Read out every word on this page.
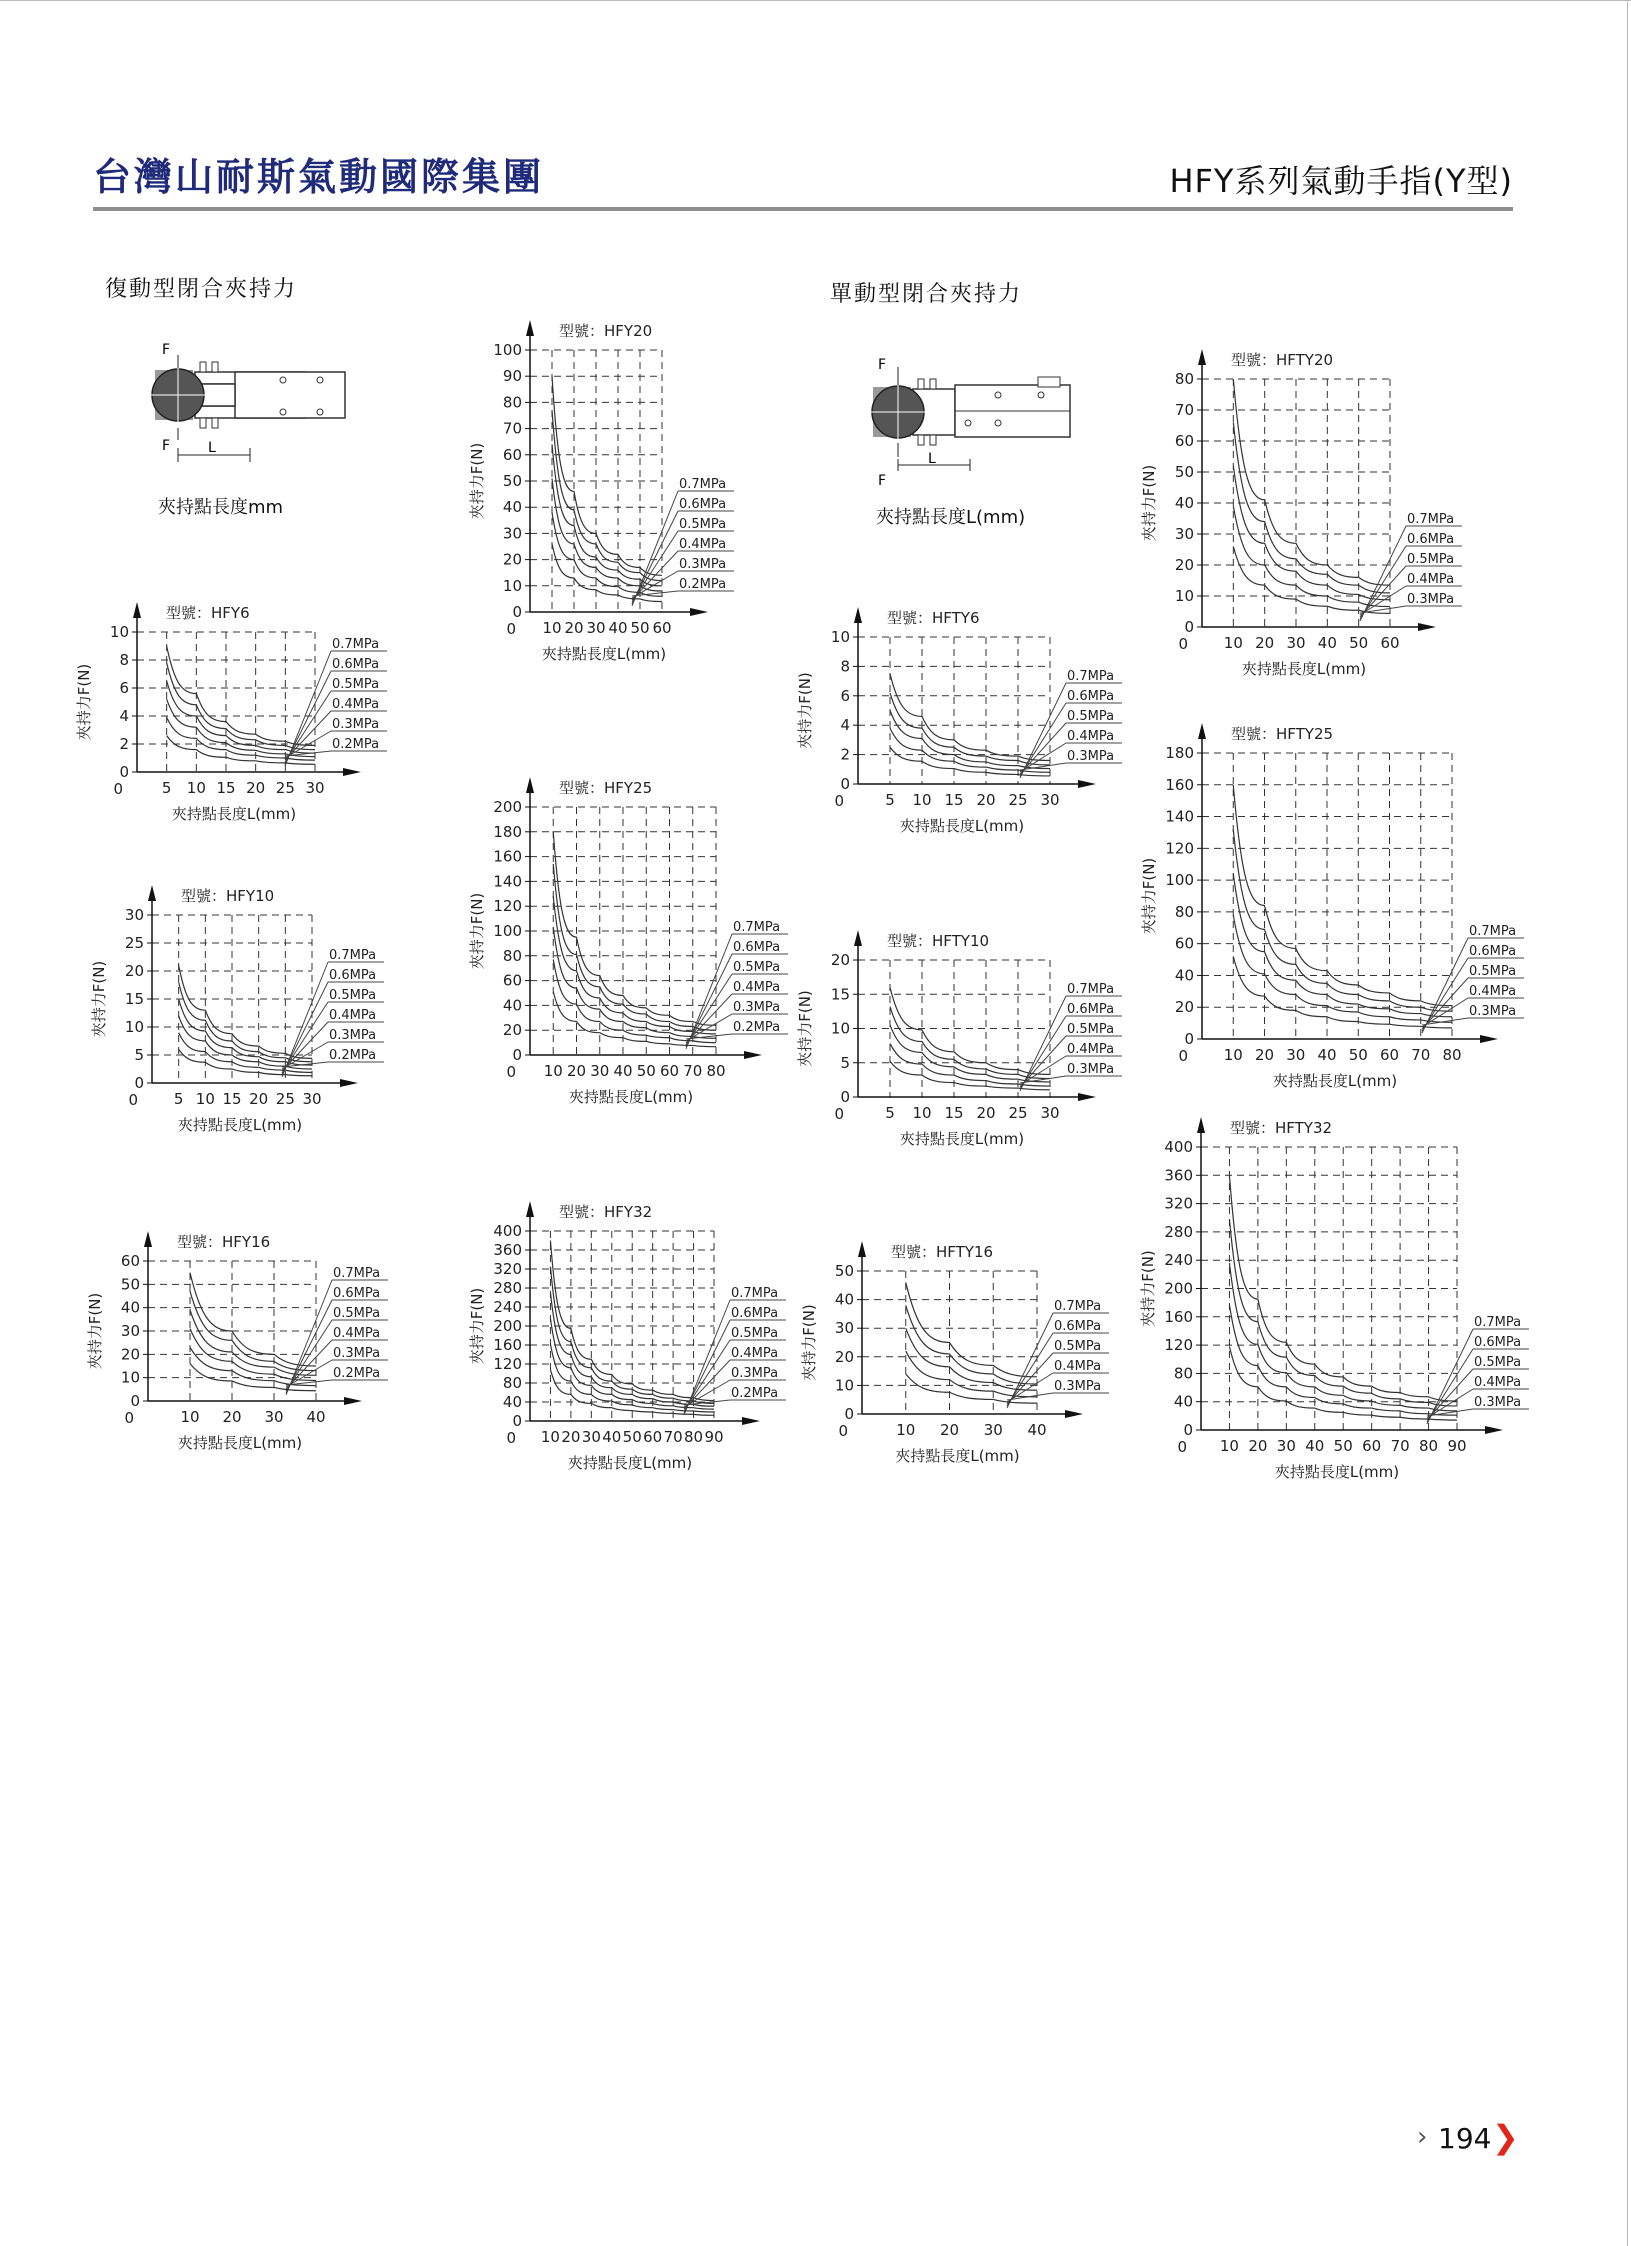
台灣山耐斯氣動國際集團	HFY系列氣動手指(Y型)
復動型閉合夾持力	單動型閉合夾持力
F
F	L
夾持點長度mm
F
F
L
夾持點長度L(mm)
0
2
4
6
8
10
5 10 15 20 25 30
0
型號：HFY6
夾持點長度L(mm)
夾持力F(N)
0.7MPa
0.6MPa
0.5MPa
0.4MPa
0.3MPa
0.2MPa
0
5
10
15
20
25
30
5 10 15 20 25 30
0
型號：HFY10
夾持點長度L(mm)
夾持力F(N)
0.7MPa
0.6MPa
0.5MPa
0.4MPa
0.3MPa
0.2MPa
0
10
20
30
40
50
60
10 20 30 40
0
型號：HFY16
夾持點長度L(mm)
夾持力F(N)
0.7MPa
0.6MPa
0.5MPa
0.4MPa
0.3MPa
0.2MPa
0
10
20
30
40
50
60
70
80
90
100
10 20 30 40 50 60
0
型號：HFY20
夾持點長度L(mm)
夾持力F(N)	0.7MPa
0.6MPa
0.5MPa
0.4MPa
0.3MPa
0.2MPa
0
20
40
60
80
100
120
140
160
180
200
10 20 30 40 50 60 70 80
0
型號：HFY25
夾持點長度L(mm)
夾持力F(N)	0.7MPa
0.6MPa
0.5MPa
0.4MPa
0.3MPa
0.2MPa
0
40
80
120
160
200
240
280
320
360
400
10 20 30 40 50 60 70 80 90
0
型號：HFY32
夾持點長度L(mm)
夾持力F(N)	0.7MPa
0.6MPa
0.5MPa
0.4MPa
0.3MPa
0.2MPa
0
2
4
6
8
10
5 10 15 20 25 30
0
型號：HFTY6
夾持點長度L(mm)
夾持力F(N)	0.7MPa
0.6MPa
0.5MPa
0.4MPa
0.3MPa
0
5
10
15
20
5 10 15 20 25 30
0
型號：HFTY10
夾持點長度L(mm)
夾持力F(N)
0.7MPa
0.6MPa
0.5MPa
0.4MPa
0.3MPa
0
10
20
30
40
50
10 20 30 40
0
型號：HFTY16
夾持點長度L(mm)
夾持力F(N)	0.7MPa
0.6MPa
0.5MPa
0.4MPa
0.3MPa
0
10
20
30
40
50
60
70
80
10 20 30 40 50 60
0
型號：HFTY20
夾持點長度L(mm)
夾持力F(N)	0.7MPa
0.6MPa
0.5MPa
0.4MPa
0.3MPa
0
20
40
60
80
100
120
140
160
180
10 20 30 40 50 60 70 80
0
型號：HFTY25
夾持點長度L(mm)
夾持力F(N)	0.7MPa
0.6MPa
0.5MPa
0.4MPa
0.3MPa
0
40
80
120
160
200
240
280
320
360
400
10 20 30 40 50 60 70 80 90
0
型號：HFTY32
夾持點長度L(mm)
夾持力F(N)	0.7MPa
0.6MPa
0.5MPa
0.4MPa
0.3MPa
› 194 ❯
